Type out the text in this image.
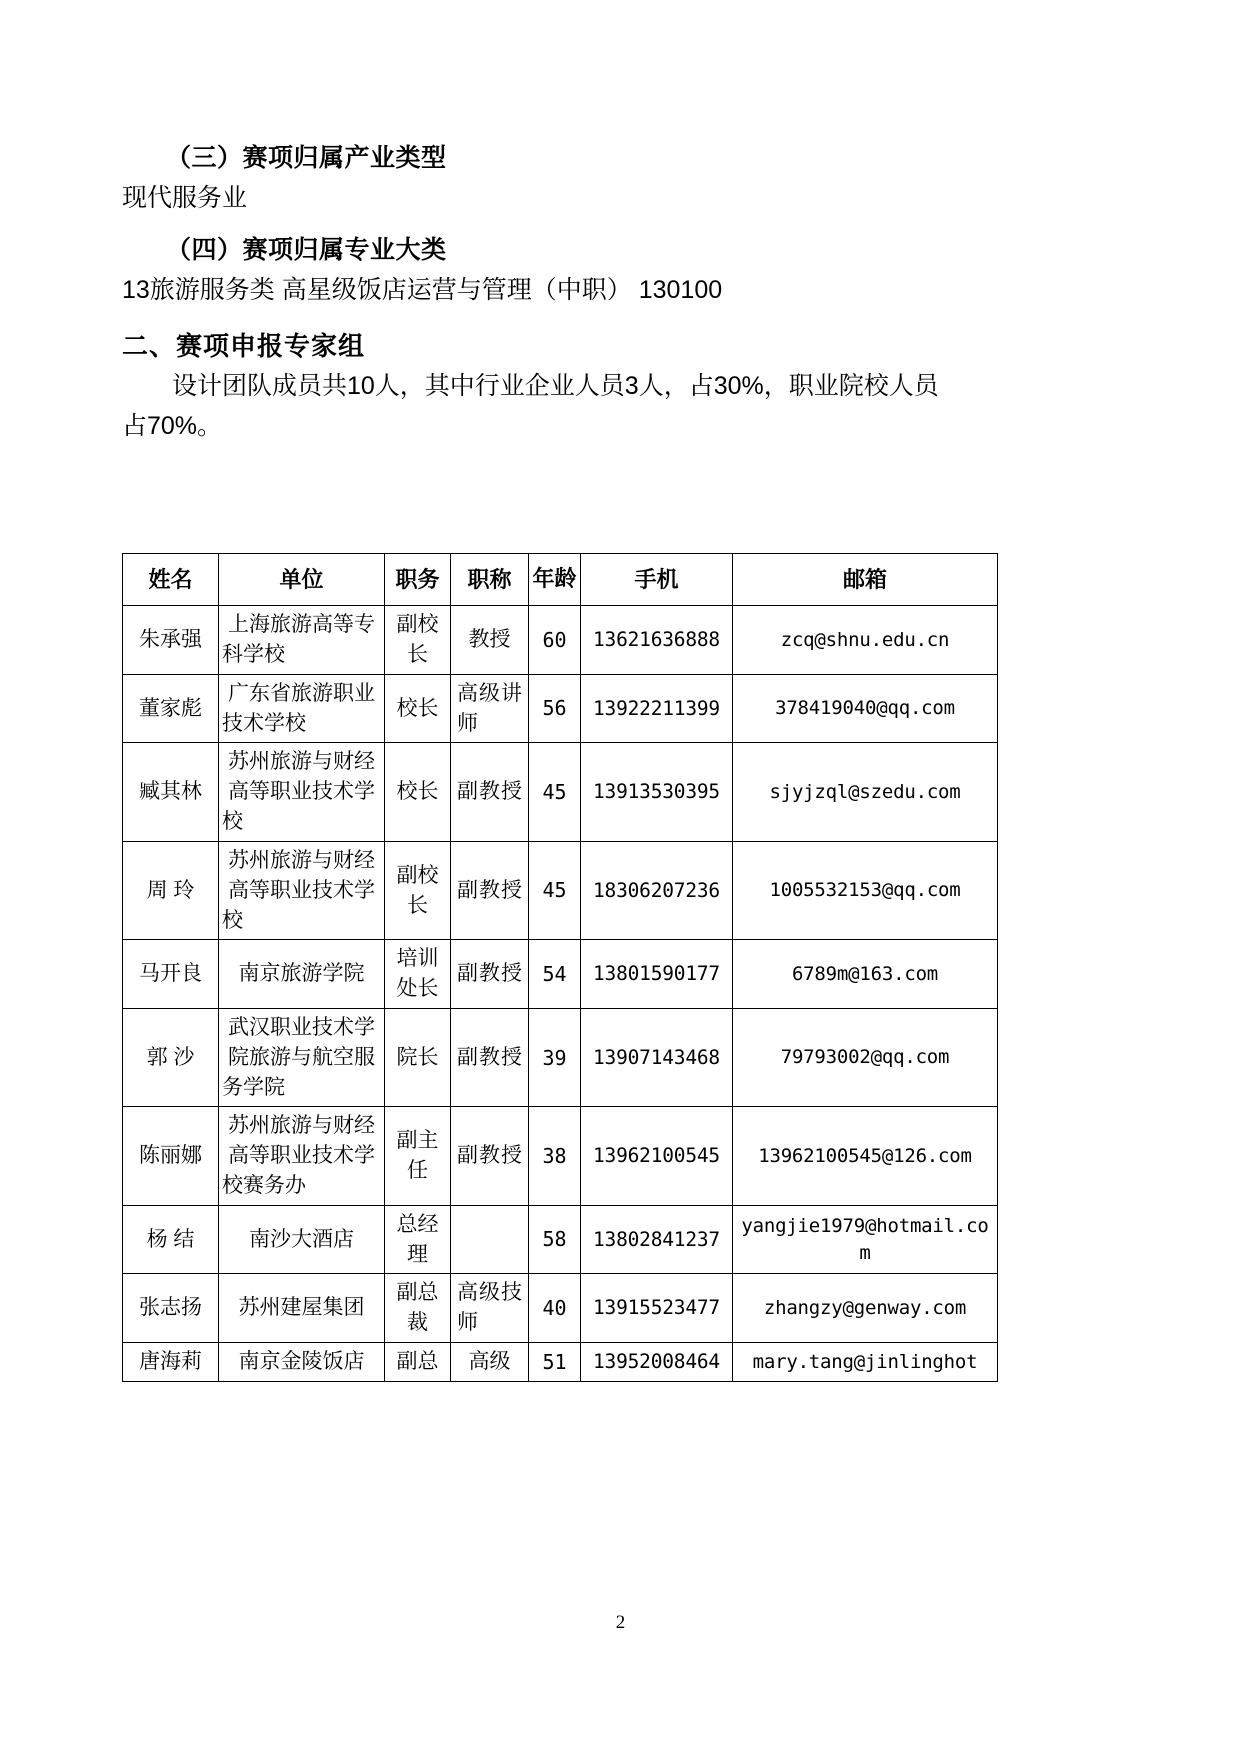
（三）赛项归属产业类型
现代服务业
（四）赛项归属专业大类
13旅游服务类 高星级饭店运营与管理（中职） 130100
二、赛项申报专家组
设计团队成员共10人，其中行业企业人员3人，占30%，职业院校人员占70%。
姓名	单位	职务	职称	年龄	手机	邮箱
朱承强	上海旅游高等专科学校	副校长	教授	60	13621636888	zcq@shnu.edu.cn
董家彪	广东省旅游职业技术学校	校长	高级讲师	56	13922211399	378419040@qq.com
臧其林	苏州旅游与财经高等职业技术学校	校长	副教授	45	13913530395	sjyjzql@szedu.com
周 玲	苏州旅游与财经高等职业技术学校	副校长	副教授	45	18306207236	1005532153@qq.com
马开良	南京旅游学院	培训处长	副教授	54	13801590177	6789m@163.com
郭 沙	武汉职业技术学院旅游与航空服务学院	院长	副教授	39	13907143468	79793002@qq.com
陈丽娜	苏州旅游与财经高等职业技术学校赛务办	副主任	副教授	38	13962100545	13962100545@126.com
杨 结	南沙大酒店	总经理		58	13802841237	yangjie1979@hotmail.com
张志扬	苏州建屋集团	副总裁	高级技师	40	13915523477	zhangzy@genway.com
唐海莉	南京金陵饭店	副总	高级	51	13952008464	mary.tang@jinlinghot
2
